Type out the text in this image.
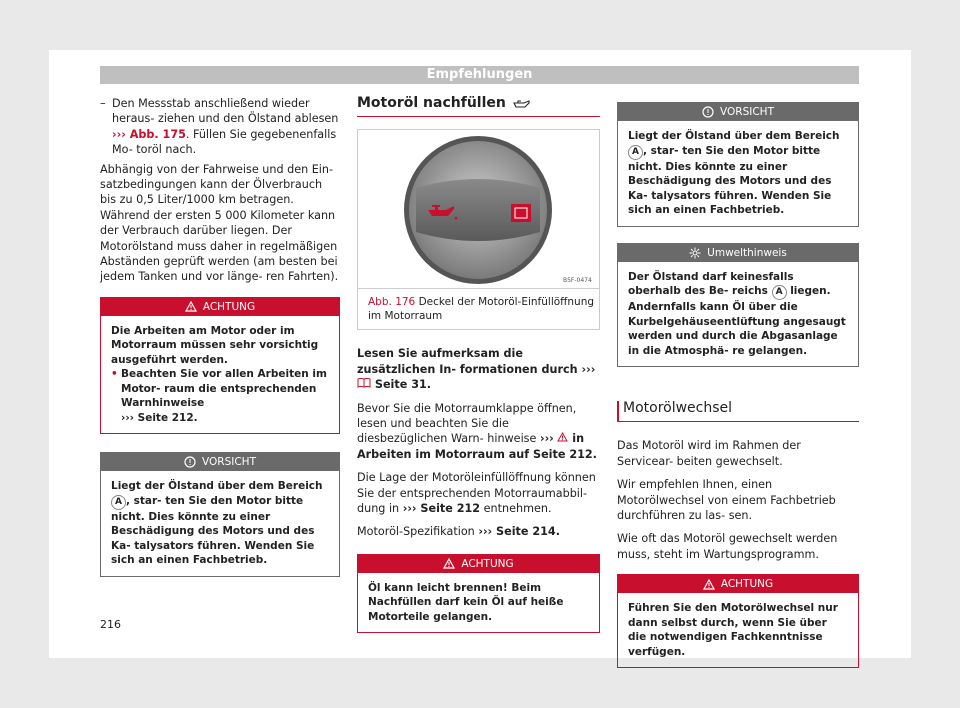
Empfehlungen
– Den Messstab anschließend wieder heraus- ziehen und den Ölstand ablesen ››› Abb. 175. Füllen Sie gegebenenfalls Mo- toröl nach.

Abhängig von der Fahrweise und den Ein- satzbedingungen kann der Ölverbrauch bis zu 0,5 Liter/1000 km betragen. Während der ersten 5 000 Kilometer kann der Verbrauch darüber liegen. Der Motorölstand muss daher in regelmäßigen Abständen geprüft werden (am besten bei jedem Tanken und vor länge- ren Fahrten).

ACHTUNG
Die Arbeiten am Motor oder im Motorraum müssen sehr vorsichtig ausgeführt werden.
• Beachten Sie vor allen Arbeiten im Motor- raum die entsprechenden Warnhinweise
››› Seite 212.
VORSICHT
Liegt der Ölstand über dem Bereich A , star- ten Sie den Motor bitte nicht. Dies könnte zu einer Beschädigung des Motors und des Ka- talysators führen. Wenden Sie sich an einen Fachbetrieb.
Motoröl nachfüllen
B5F-0474
Abb. 176 Deckel der Motoröl-Einfüllöffnung im Motorraum

Lesen Sie aufmerksam die zusätzlichen In- formationen durch ›››  Seite 31.

Bevor Sie die Motorraumklappe öffnen, lesen und beachten Sie die diesbezüglichen Warn- hinweise ›››  in Arbeiten im Motorraum auf Seite 212.

Die Lage der Motoröleinfüllöffnung können Sie der entsprechenden Motorraumabbil- dung in ››› Seite 212 entnehmen.

Motoröl-Spezifikation ››› Seite 214.

ACHTUNG
Öl kann leicht brennen! Beim Nachfüllen darf kein Öl auf heiße Motorteile gelangen.
VORSICHT
Liegt der Ölstand über dem Bereich A , star- ten Sie den Motor bitte nicht. Dies könnte zu einer Beschädigung des Motors und des Ka- talysators führen. Wenden Sie sich an einen Fachbetrieb.
Umwelthinweis
Der Ölstand darf keinesfalls oberhalb des Be- reichs A liegen. Andernfalls kann Öl über die Kurbelgehäuseentlüftung angesaugt werden und durch die Abgasanlage in die Atmosphä- re gelangen.
Motorölwechsel

Das Motoröl wird im Rahmen der Servicear- beiten gewechselt.

Wir empfehlen Ihnen, einen Motorölwechsel von einem Fachbetrieb durchführen zu las- sen.

Wie oft das Motoröl gewechselt werden muss, steht im Wartungsprogramm.

ACHTUNG
Führen Sie den Motorölwechsel nur dann selbst durch, wenn Sie über die notwendigen Fachkenntnisse verfügen.
216
